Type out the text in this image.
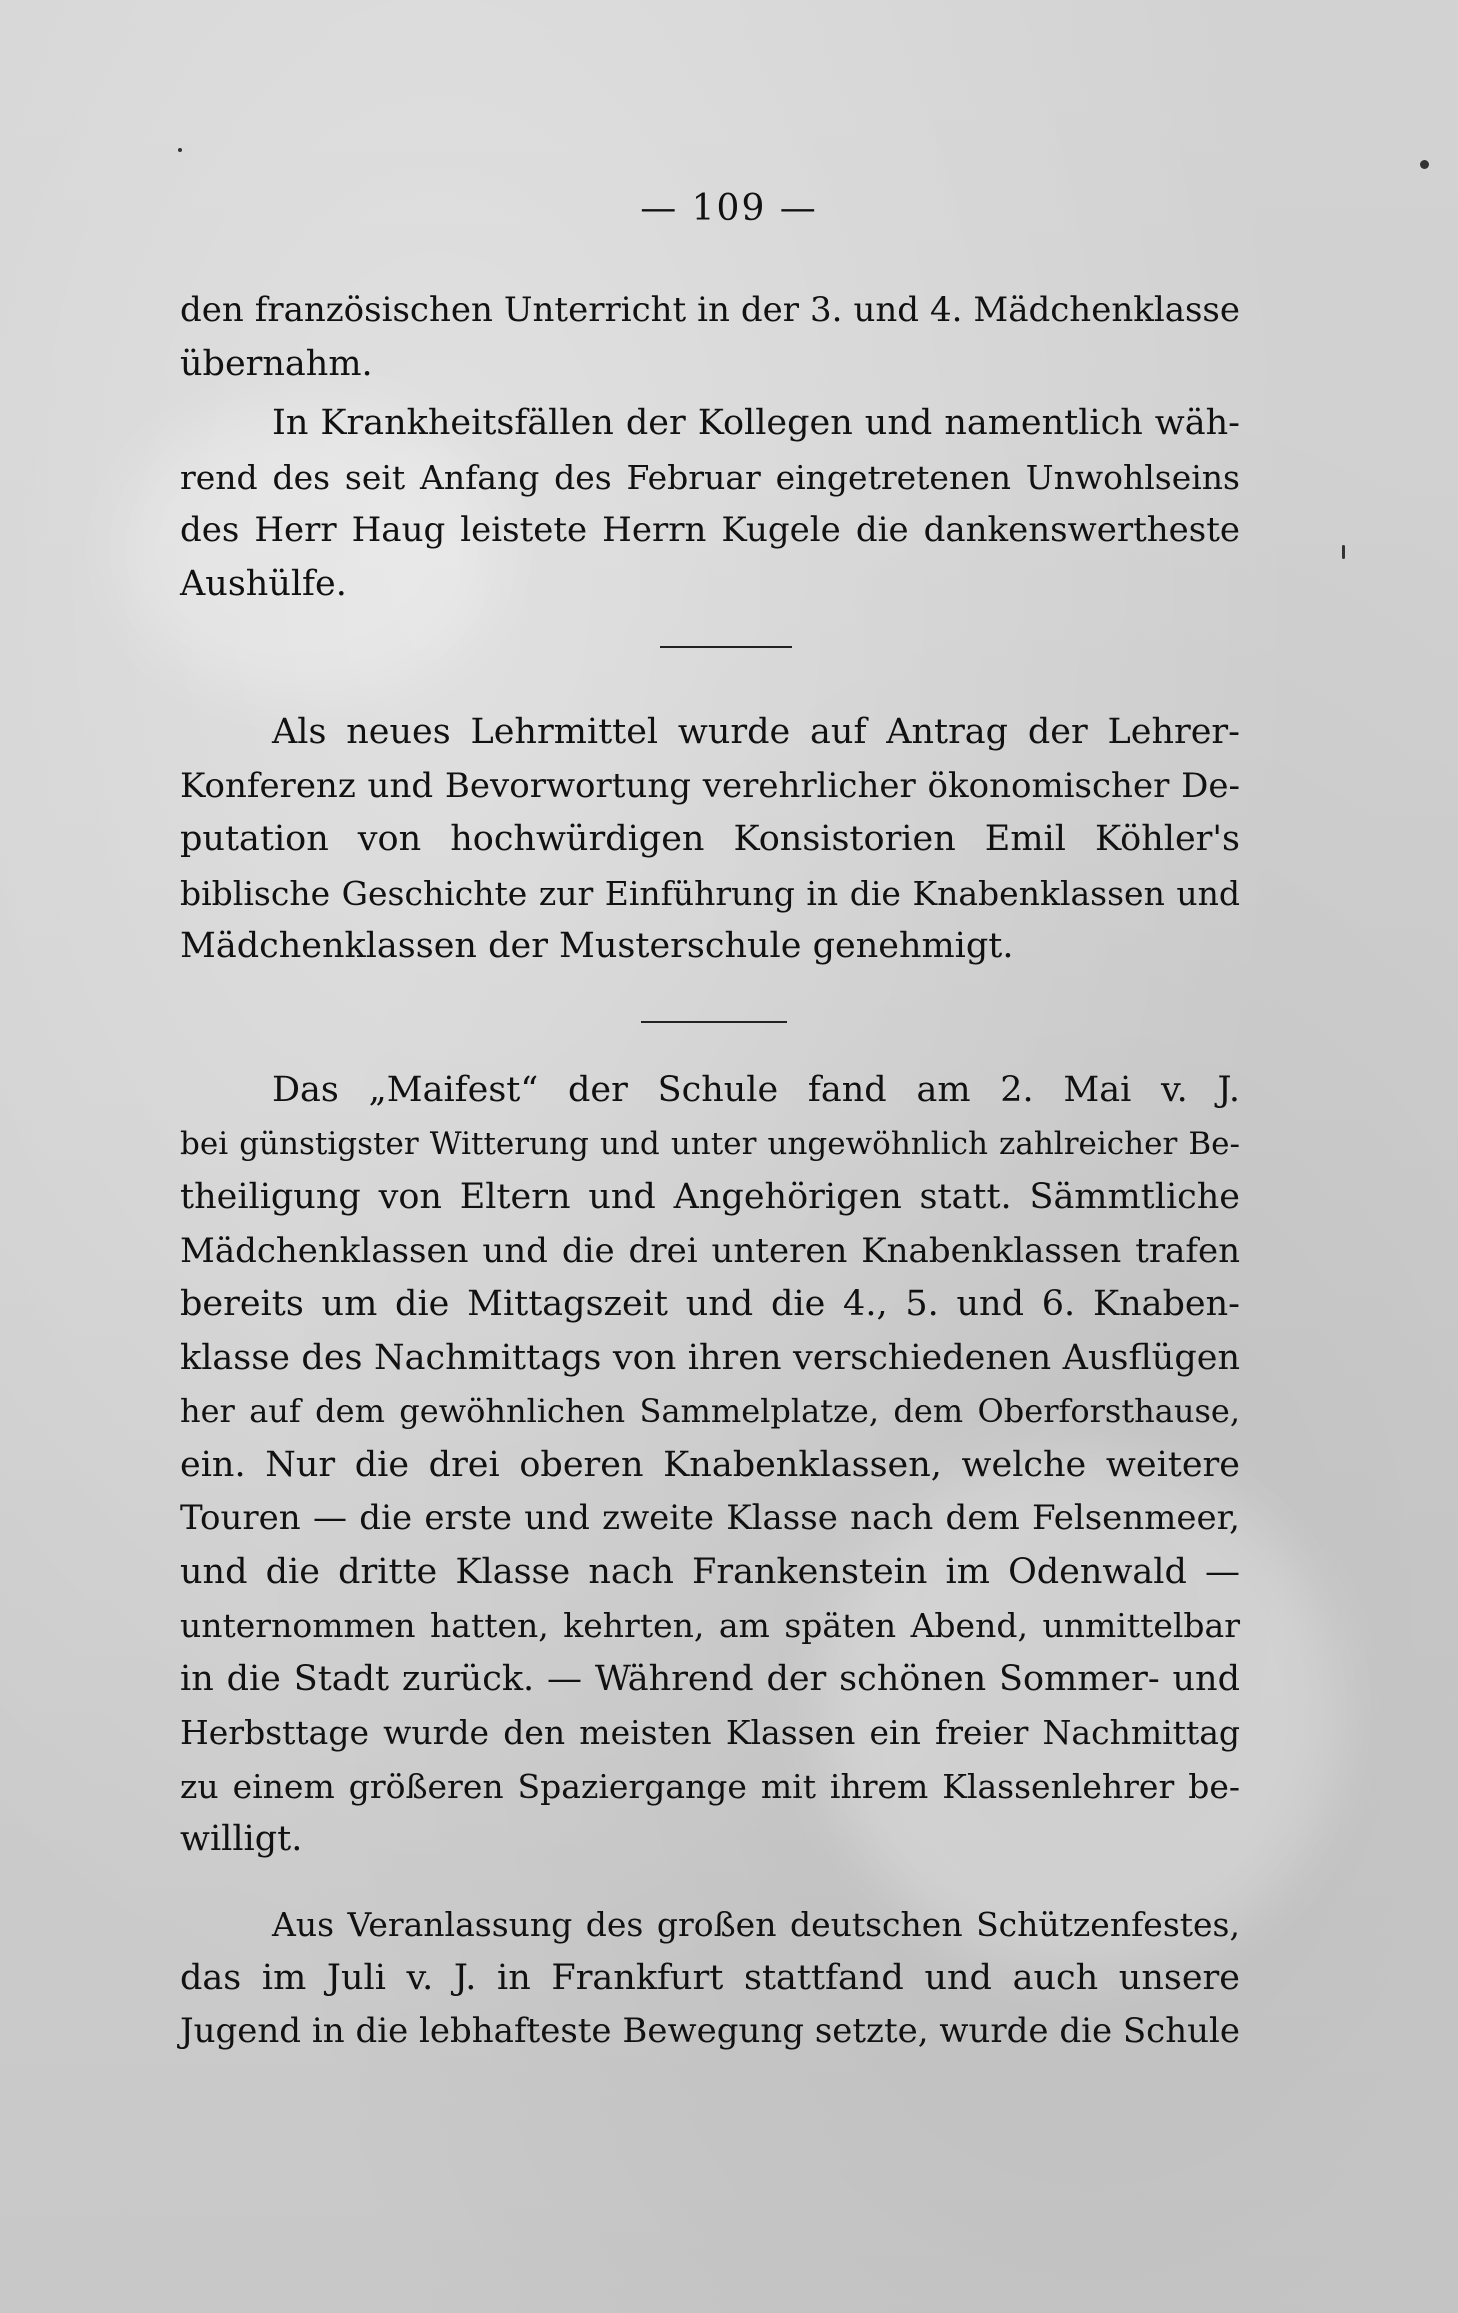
— 109 —
den französischen Unterricht in der 3. und 4. Mädchenklasse
übernahm.
In Krankheitsfällen der Kollegen und namentlich wäh-
rend des seit Anfang des Februar eingetretenen Unwohlseins
des Herr Haug leistete Herrn Kugele die dankenswertheste
Aushülfe.
Als neues Lehrmittel wurde auf Antrag der Lehrer-
Konferenz und Bevorwortung verehrlicher ökonomischer De-
putation von hochwürdigen Konsistorien Emil Köhler's
biblische Geschichte zur Einführung in die Knabenklassen und
Mädchenklassen der Musterschule genehmigt.
Das „Maifest“ der Schule fand am 2. Mai v. J.
bei günstigster Witterung und unter ungewöhnlich zahlreicher Be-
theiligung von Eltern und Angehörigen statt. Sämmtliche
Mädchenklassen und die drei unteren Knabenklassen trafen
bereits um die Mittagszeit und die 4., 5. und 6. Knaben-
klasse des Nachmittags von ihren verschiedenen Ausflügen
her auf dem gewöhnlichen Sammelplatze, dem Oberforsthause,
ein. Nur die drei oberen Knabenklassen, welche weitere
Touren — die erste und zweite Klasse nach dem Felsenmeer,
und die dritte Klasse nach Frankenstein im Odenwald —
unternommen hatten, kehrten, am späten Abend, unmittelbar
in die Stadt zurück. — Während der schönen Sommer- und
Herbsttage wurde den meisten Klassen ein freier Nachmittag
zu einem größeren Spaziergange mit ihrem Klassenlehrer be-
willigt.
Aus Veranlassung des großen deutschen Schützenfestes,
das im Juli v. J. in Frankfurt stattfand und auch unsere
Jugend in die lebhafteste Bewegung setzte, wurde die Schule
